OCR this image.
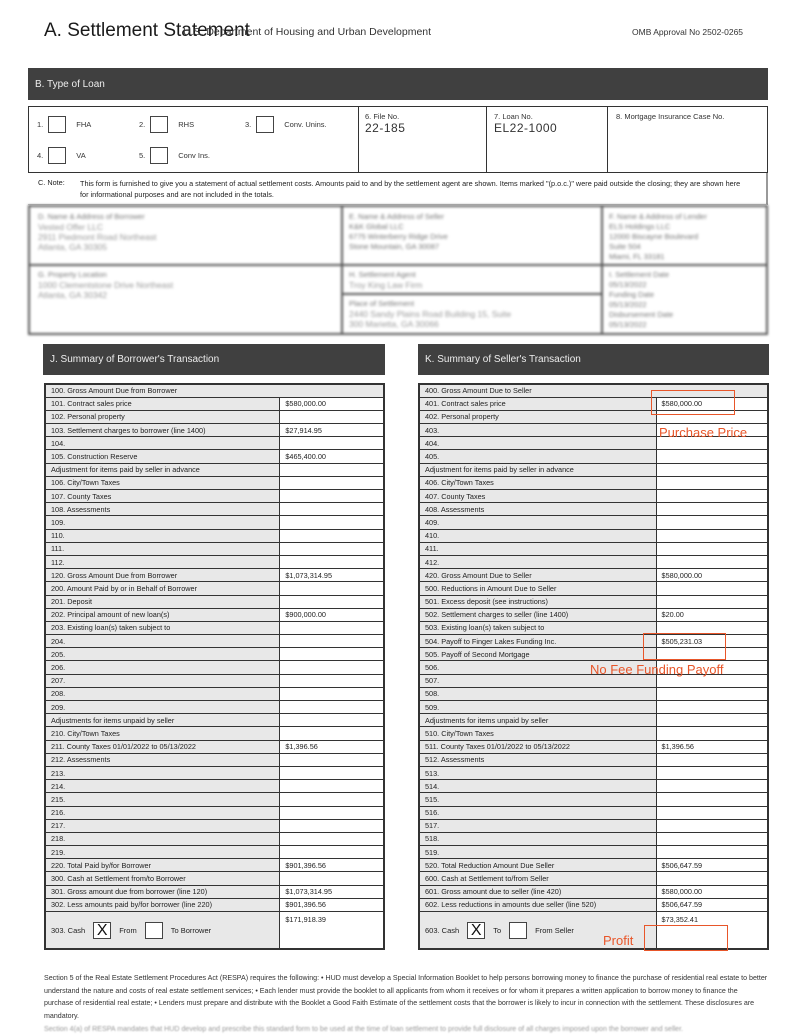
A. Settlement Statement
U.S. Department of Housing and Urban Development	OMB Approval No 2502-0265
B. Type of Loan
1.	FHA	2.	RHS	3.	Conv. Unins.
4.	VA	5.	Conv Ins.
6. File No.
22-185
7. Loan No.
EL22-1000
8. Mortgage Insurance Case No.
C. Note: This form is furnished to give you a statement of actual settlement costs. Amounts paid to and by the settlement agent are shown. Items marked "(p.o.c.)" were paid outside the closing; they are shown here for informational purposes and are not included in the totals.
D. Name & Address of Borrower
Vested Offer LLC
2911 Piedmont Road Northeast
Atlanta, GA 30305
E. Name & Address of Seller
K&K Global LLC
6775 Winterberry Ridge Drive
Stone Mountain, GA 30087
F. Name & Address of Lender
ELS Holdings LLC
12000 Biscayne Boulevard
Suite 504
Miami, FL 33181
G. Property Location
1000 Clementstone Drive Northeast
Atlanta, GA 30342
H. Settlement Agent
Troy King Law Firm
Place of Settlement
2440 Sandy Plains Road Building 15, Suite
300 Marietta, GA 30066
I. Settlement Date
05/13/2022
Funding Date
05/13/2022
Disbursement Date
05/13/2022
J. Summary of Borrower's Transaction	K. Summary of Seller's Transaction
100. Gross Amount Due from Borrower	
101. Contract sales price	$580,000.00
102. Personal property	
103. Settlement charges to borrower (line 1400)	$27,914.95
104.	
105. Construction Reserve	$465,400.00
Adjustment for items paid by seller in advance	
106. City/Town Taxes	
107. County Taxes	
108. Assessments	
109.	
110.	
111.	
112.	
120. Gross Amount Due from Borrower	$1,073,314.95
200. Amount Paid by or in Behalf of Borrower	
201. Deposit	
202. Principal amount of new loan(s)	$900,000.00
203. Existing loan(s) taken subject to	
204.	
205.	
206.	
207.	
208.	
209.	
Adjustments for items unpaid by seller	
210. City/Town Taxes	
211. County Taxes 01/01/2022 to 05/13/2022	$1,396.56
212. Assessments	
213.	
214.	
215.	
216.	
217.	
218.	
219.	
220. Total Paid by/for Borrower	$901,396.56
300. Cash at Settlement from/to Borrower	
301. Gross amount due from borrower (line 120)	$1,073,314.95
302. Less amounts paid by/for borrower (line 220)	$901,396.56

303. Cash X From To Borrower	$171,918.39
400. Gross Amount Due to Seller	
401. Contract sales price	$580,000.00
402. Personal property	
403.	
404.	
405.	
Adjustment for items paid by seller in advance	
406. City/Town Taxes	
407. County Taxes	
408. Assessments	
409.	
410.	
411.	
412.	
420. Gross Amount Due to Seller	$580,000.00
500. Reductions in Amount Due to Seller	
501. Excess deposit (see instructions)	
502. Settlement charges to seller (line 1400)	$20.00
503. Existing loan(s) taken subject to	
504. Payoff to Finger Lakes Funding Inc.	$505,231.03
505. Payoff of Second Mortgage	
506.	
507.	
508.	
509.	
Adjustments for items unpaid by seller	
510. City/Town Taxes	
511. County Taxes 01/01/2022 to 05/13/2022	$1,396.56
512. Assessments	
513.	
514.	
515.	
516.	
517.	
518.	
519.	
520. Total Reduction Amount Due Seller	$506,647.59
600. Cash at Settlement to/from Seller	
601. Gross amount due to seller (line 420)	$580,000.00
602. Less reductions in amounts due seller (line 520)	$506,647.59

603. Cash X To From Seller	$73,352.41
Purchase Price
No Fee Funding Payoff
Profit
Section 5 of the Real Estate Settlement Procedures Act (RESPA) requires the following: • HUD must develop a Special Information Booklet to help persons borrowing money to finance the purchase of residential real estate to better understand the nature and costs of real estate settlement services; • Each lender must provide the booklet to all applicants from whom it receives or for whom it prepares a written application to borrow money to finance the purchase of residential real estate; • Lenders must prepare and distribute with the Booklet a Good Faith Estimate of the settlement costs that the borrower is likely to incur in connection with the settlement. These disclosures are mandatory.
Section 4(a) of RESPA mandates that HUD develop and prescribe this standard form to be used at the time of loan settlement to provide full disclosure of all charges imposed upon the borrower and seller.
